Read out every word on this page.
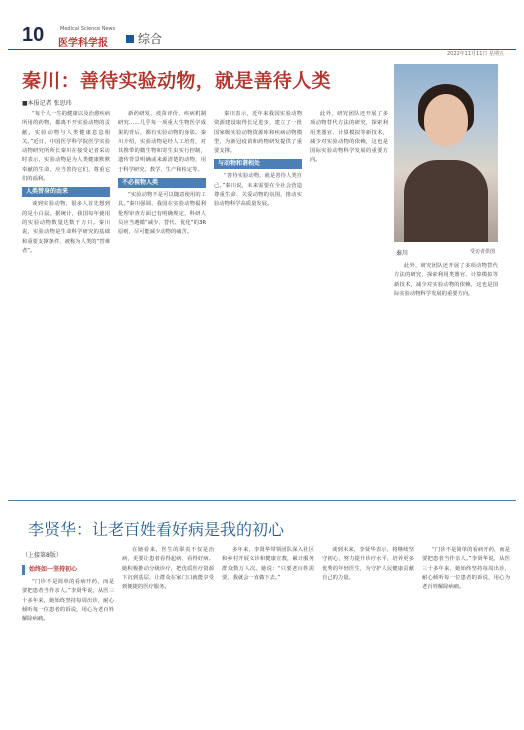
10	Medical Science News
医学科学报	综合
2022年11月11日 星期五
秦川：善待实验动物，就是善待人类
■本报记者 张思玮

“每个人一生的健康以及治愈疾病所用的药物，都离不开实验动物的贡献。实验动物与人类健康息息相关。”近日，中国医学科学院医学实验动物研究所所长秦川在接受记者采访时表示，实验动物是为人类健康默默奉献的生命，应当善待它们，尊重它们的福利。

人类替身的由来

谈到实验动物，很多人首先想到的是小白鼠。据统计，我国每年使用的实验动物数量达数千万只。秦川说，实验动物是生命科学研究的基础和重要支撑条件，被称为人类的“替难者”。

新药研发、疫苗评价、疾病机制研究……几乎每一项重大生物医学成果的背后，都有实验动物的身影。秦川介绍，实验动物是经人工培育，对其携带的微生物和寄生虫实行控制，遗传背景明确或来源清楚的动物，用于科学研究、教学、生产和检定等。

不必视物人类

“实验动物不是可以随意使用的工具。”秦川强调，我国在实验动物福利伦理审查方面已有明确规定，科研人员应当遵循“减少、替代、优化”的3R原则，尽可能减少动物的痛苦。

秦川表示，近年来我国实验动物资源建设取得长足进步，建立了一批国家级实验动物资源库和疾病动物模型，为新冠疫苗和药物研发提供了重要支撑。

与动物和谐相处

“善待实验动物，就是善待人类自己。”秦川说，未来需要在全社会营造尊重生命、关爱动物的氛围，推动实验动物科学高质量发展。

此外，研究团队还开展了多项动物替代方法的研究，探索利用类器官、计算模拟等新技术，减少对实验动物的依赖，这也是国际实验动物科学发展的重要方向。

秦川	受访者供图

此外，研究团队还开展了多项动物替代方法的研究，探索利用类器官、计算模拟等新技术，减少对实验动物的依赖，这也是国际实验动物科学发展的重要方向。

李贤华：让老百姓看好病是我的初心
（上接第8版）
始终如一坚持初心

“门诊不是简单的看病开药，而是要把患者当作亲人。”李贤华说，从医三十多年来，她始终坚持每周出诊，耐心倾听每一位患者的诉说，用心为老百姓解除病痛。

在她看来，医生的职责不仅是治病，更要让患者看得起病、看得好病。她积极推动分级诊疗，把优质医疗资源下沉到基层，让群众在家门口就能享受到便捷的医疗服务。

多年来，李贤华带领团队深入社区和乡村开展义诊和健康宣教，累计服务群众数万人次。她说：“只要老百姓需要，我就会一直做下去。”

谈到未来，李贤华表示，将继续坚守初心，努力提升诊疗水平，培养更多优秀的年轻医生，为守护人民健康贡献自己的力量。

“门诊不是简单的看病开药，而是要把患者当作亲人。”李贤华说，从医三十多年来，她始终坚持每周出诊，耐心倾听每一位患者的诉说，用心为老百姓解除病痛。
